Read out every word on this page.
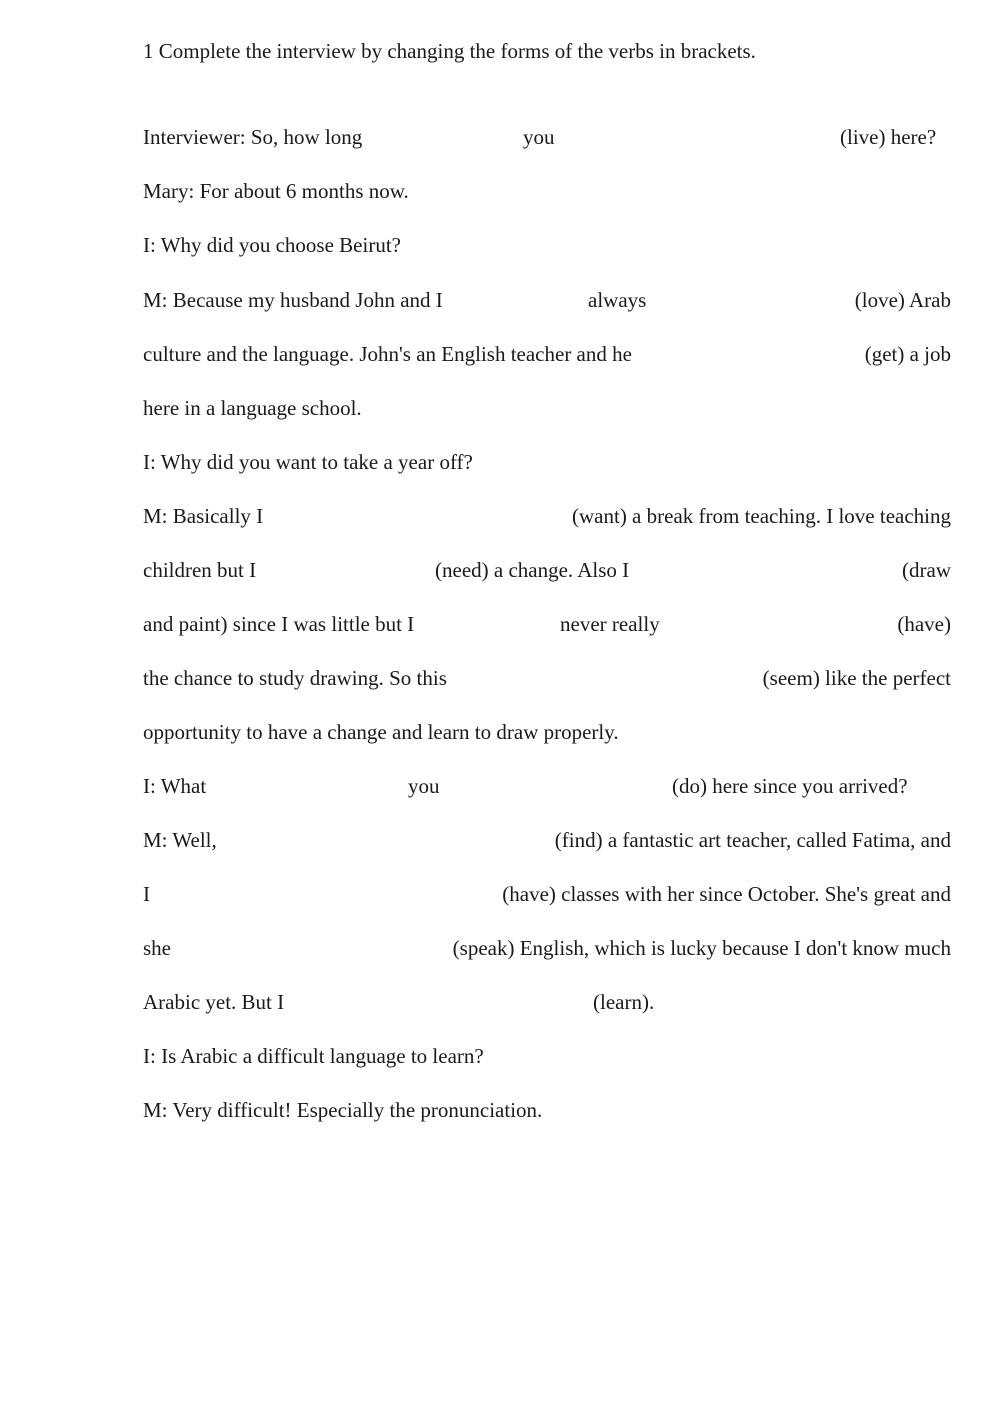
1 Complete the interview by changing the forms of the verbs in brackets.
Interviewer: So, how long	you	(live) here?
Mary: For about 6 months now.
I: Why did you choose Beirut?
M: Because my husband John and I	always	(love) Arab
culture and the language. John's an English teacher and he	(get) a job
here in a language school.
I: Why did you want to take a year off?
M: Basically I	(want) a break from teaching. I love teaching
children but I	(need) a change. Also I	(draw
and paint) since I was little but I	never really	(have)
the chance to study drawing. So this	(seem) like the perfect
opportunity to have a change and learn to draw properly.
I: What	you	(do) here since you arrived?
M: Well,	(find) a fantastic art teacher, called Fatima, and
I	(have) classes with her since October. She's great and
she	(speak) English, which is lucky because I don't know much
Arabic yet. But I	(learn).
I: Is Arabic a difficult language to learn?
M: Very difficult! Especially the pronunciation.
